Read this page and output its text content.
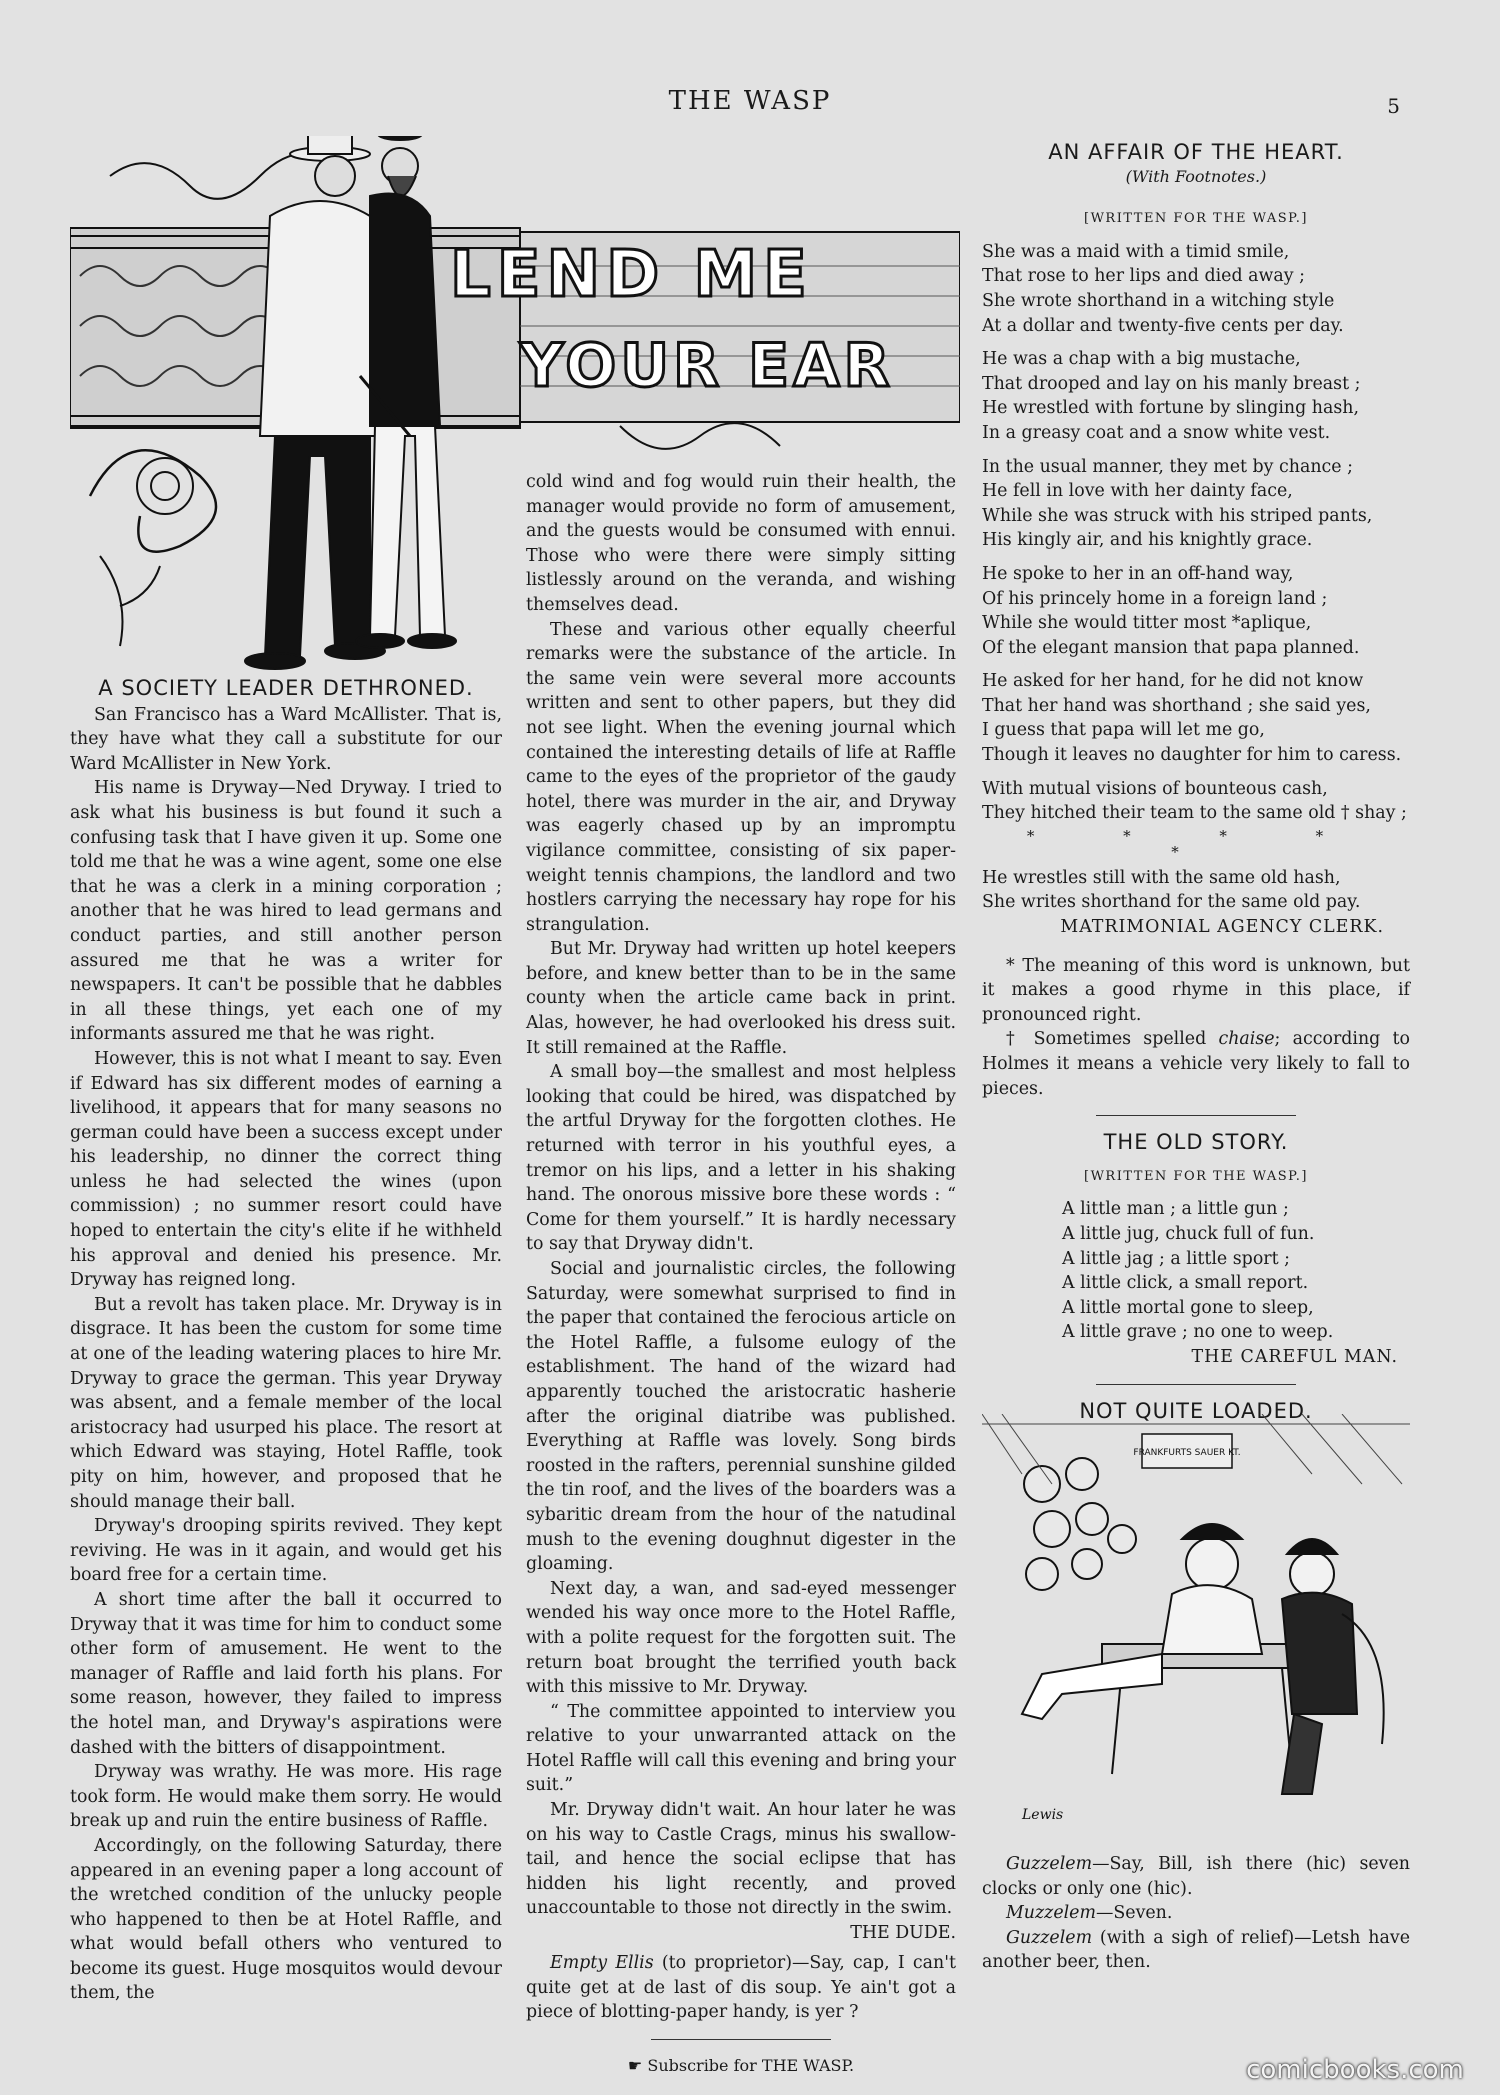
THE WASP	5
LEND ME
YOUR EAR
A SOCIETY LEADER DETHRONED.

San Francisco has a Ward McAllister. That is, they have what they call a substitute for our Ward McAllister in New York.

His name is Dryway—Ned Dryway. I tried to ask what his business is but found it such a confusing task that I have given it up. Some one told me that he was a wine agent, some one else that he was a clerk in a mining corporation ; another that he was hired to lead germans and conduct parties, and still another person assured me that he was a writer for newspapers. It can't be possible that he dabbles in all these things, yet each one of my informants assured me that he was right.

However, this is not what I meant to say. Even if Edward has six different modes of earning a livelihood, it appears that for many seasons no german could have been a success except under his leadership, no dinner the correct thing unless he had selected the wines (upon commission) ; no summer resort could have hoped to entertain the city's elite if he withheld his approval and denied his presence. Mr. Dryway has reigned long.

But a revolt has taken place. Mr. Dryway is in disgrace. It has been the custom for some time at one of the leading watering places to hire Mr. Dryway to grace the german. This year Dryway was absent, and a female member of the local aristocracy had usurped his place. The resort at which Edward was staying, Hotel Raffle, took pity on him, however, and proposed that he should manage their ball.

Dryway's drooping spirits revived. They kept reviving. He was in it again, and would get his board free for a certain time.

A short time after the ball it occurred to Dryway that it was time for him to conduct some other form of amusement. He went to the manager of Raffle and laid forth his plans. For some reason, however, they failed to impress the hotel man, and Dryway's aspirations were dashed with the bitters of disappointment.

Dryway was wrathy. He was more. His rage took form. He would make them sorry. He would break up and ruin the entire business of Raffle.

Accordingly, on the following Saturday, there appeared in an evening paper a long account of the wretched condition of the unlucky people who happened to then be at Hotel Raffle, and what would befall others who ventured to become its guest. Huge mosquitos would devour them, the

cold wind and fog would ruin their health, the manager would provide no form of amusement, and the guests would be consumed with ennui. Those who were there were simply sitting listlessly around on the veranda, and wishing themselves dead.

These and various other equally cheerful remarks were the substance of the article. In the same vein were several more accounts written and sent to other papers, but they did not see light. When the evening journal which contained the interesting details of life at Raffle came to the eyes of the proprietor of the gaudy hotel, there was murder in the air, and Dryway was eagerly chased up by an impromptu vigilance committee, consisting of six paper-weight tennis champions, the landlord and two hostlers carrying the necessary hay rope for his strangulation.

But Mr. Dryway had written up hotel keepers before, and knew better than to be in the same county when the article came back in print. Alas, however, he had overlooked his dress suit. It still remained at the Raffle.

A small boy—the smallest and most helpless looking that could be hired, was dispatched by the artful Dryway for the forgotten clothes. He returned with terror in his youthful eyes, a tremor on his lips, and a letter in his shaking hand. The onorous missive bore these words : “ Come for them yourself.” It is hardly necessary to say that Dryway didn't.

Social and journalistic circles, the following Saturday, were somewhat surprised to find in the paper that contained the ferocious article on the Hotel Raffle, a fulsome eulogy of the establishment. The hand of the wizard had apparently touched the aristocratic hasherie after the original diatribe was published. Everything at Raffle was lovely. Song birds roosted in the rafters, perennial sunshine gilded the tin roof, and the lives of the boarders was a sybaritic dream from the hour of the natudinal mush to the evening doughnut digester in the gloaming.

Next day, a wan, and sad-eyed messenger wended his way once more to the Hotel Raffle, with a polite request for the forgotten suit. The return boat brought the terrified youth back with this missive to Mr. Dryway.

“ The committee appointed to interview you relative to your unwarranted attack on the Hotel Raffle will call this evening and bring your suit.”

Mr. Dryway didn't wait. An hour later he was on his way to Castle Crags, minus his swallow-tail, and hence the social eclipse that has hidden his light recently, and proved unaccountable to those not directly in the swim.
THE DUDE.

Empty Ellis (to proprietor)—Say, cap, I can't quite get at de last of dis soup. Ye ain't got a piece of blotting-paper handy, is yer ?

☛ Subscribe for THE WASP.
AN AFFAIR OF THE HEART.
(With Footnotes.)
[WRITTEN FOR THE WASP.]
She was a maid with a timid smile,
That rose to her lips and died away ;
She wrote shorthand in a witching style
At a dollar and twenty-five cents per day.
He was a chap with a big mustache,
That drooped and lay on his manly breast ;
He wrestled with fortune by slinging hash,
In a greasy coat and a snow white vest.
In the usual manner, they met by chance ;
He fell in love with her dainty face,
While she was struck with his striped pants,
His kingly air, and his knightly grace.
He spoke to her in an off-hand way,
Of his princely home in a foreign land ;
While she would titter most *aplique,
Of the elegant mansion that papa planned.
He asked for her hand, for he did not know
That her hand was shorthand ; she said yes,
I guess that papa will let me go,
Though it leaves no daughter for him to caress.
With mutual visions of bounteous cash,
They hitched their team to the same old † shay ;
* * * * *
He wrestles still with the same old hash,
She writes shorthand for the same old pay.
MATRIMONIAL AGENCY CLERK.

* The meaning of this word is unknown, but it makes a good rhyme in this place, if pronounced right.

† Sometimes spelled chaise; according to Holmes it means a vehicle very likely to fall to pieces.

THE OLD STORY.
[WRITTEN FOR THE WASP.]
A little man ; a little gun ;
A little jug, chuck full of fun.
A little jag ; a little sport ;
A little click, a small report.
A little mortal gone to sleep,
A little grave ; no one to weep.
THE CAREFUL MAN.
NOT QUITE LOADED.
FRANKFURTS SAUER KT.
Lewis

Guzzelem—Say, Bill, ish there (hic) seven clocks or only one (hic).

Muzzelem—Seven.

Guzzelem (with a sigh of relief)—Letsh have another beer, then.

comicbooks.com
